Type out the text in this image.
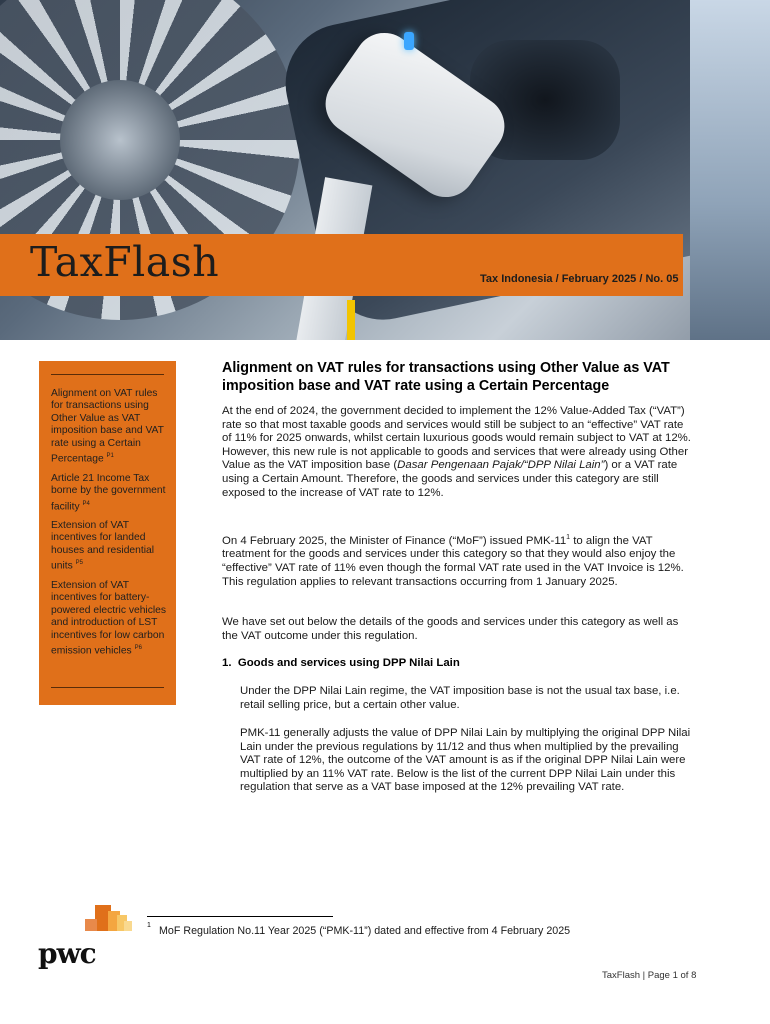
TaxFlash	Tax Indonesia / February 2025 / No. 05
Alignment on VAT rules for transactions using Other Value as VAT imposition base and VAT rate using a Certain Percentage $^{P1}$
Article 21 Income Tax borne by the government facility $^{P4}$
Extension of VAT incentives for landed houses and residential units $^{P5}$
Extension of VAT incentives for battery-powered electric vehicles and introduction of LST incentives for low carbon emission vehicles $^{P6}$
Alignment on VAT rules for transactions using Other Value as VAT imposition base and VAT rate using a Certain Percentage

At the end of 2024, the government decided to implement the 12% Value-Added Tax (“VAT”) rate so that most taxable goods and services would still be subject to an “effective” VAT rate of 11% for 2025 onwards, whilst certain luxurious goods would remain subject to VAT at 12%. However, this new rule is not applicable to goods and services that were already using Other Value as the VAT imposition base (Dasar Pengenaan Pajak/“DPP Nilai Lain”) or a VAT rate using a Certain Amount. Therefore, the goods and services under this category are still exposed to the increase of VAT rate to 12%.

On 4 February 2025, the Minister of Finance (“MoF”) issued PMK-$11^1$ to align the VAT treatment for the goods and services under this category so that they would also enjoy the “effective” VAT rate of 11% even though the formal VAT rate used in the VAT Invoice is 12%. This regulation applies to relevant transactions occurring from 1 January 2025.

We have set out below the details of the goods and services under this category as well as the VAT outcome under this regulation.

1.  Goods and services using DPP Nilai Lain

Under the DPP Nilai Lain regime, the VAT imposition base is not the usual tax base, i.e. retail selling price, but a certain other value.

PMK-11 generally adjusts the value of DPP Nilai Lain by multiplying the original DPP Nilai Lain under the previous regulations by 11/12 and thus when multiplied by the prevailing VAT rate of 12%, the outcome of the VAT amount is as if the original DPP Nilai Lain were multiplied by an 11% VAT rate. Below is the list of the current DPP Nilai Lain under this regulation that serve as a VAT base imposed at the 12% prevailing VAT rate.

1 MoF Regulation No.11 Year 2025 (“PMK-11”) dated and effective from 4 February 2025
pwc
TaxFlash | Page 1 of 8
